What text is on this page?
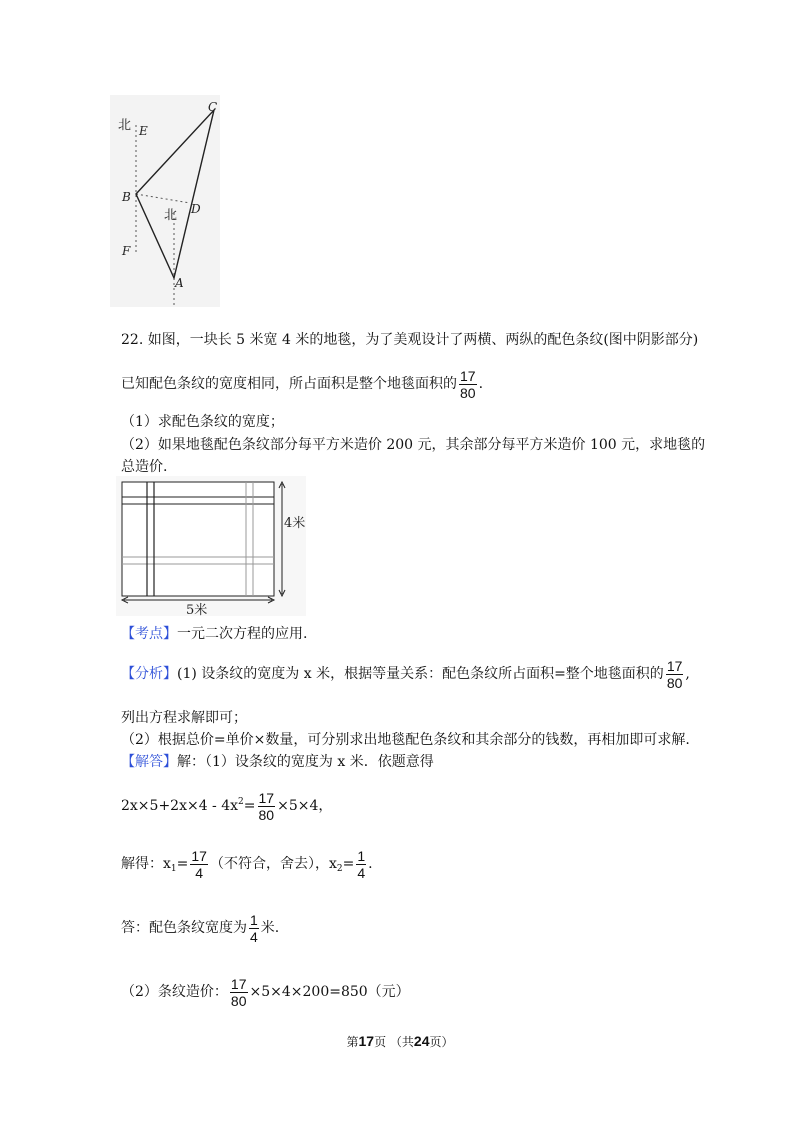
北 E
C
B
北 D
F
A
22. 如图，一块长 5 米宽 4 米的地毯，为了美观设计了两横、两纵的配色条纹(图中阴影部分)
已知配色条纹的宽度相同，所占面积是整个地毯面积的 $\frac{17}{80}$ .
（1）求配色条纹的宽度；
（2）如果地毯配色条纹部分每平方米造价 200 元，其余部分每平方米造价 100 元，求地毯的
总造价.
4米
5米
【考点】一元二次方程的应用.
【分析】(1) 设条纹的宽度为 x 米，根据等量关系：配色条纹所占面积=整个地毯面积的 $\frac{17}{80}$ ,
列出方程求解即可；
（2）根据总价=单价×数量，可分别求出地毯配色条纹和其余部分的钱数，再相加即可求解.
【解答】解：（1）设条纹的宽度为 x 米．依题意得
$2x\times 5+2x\times 4 - 4x^2= \frac{17}{80} \times 5\times 4$，
解得：$x_1= \frac{17}{4}$ （不符合，舍去），$x_2= \frac{1}{4}$ .
答：配色条纹宽度为 $\frac{1}{4}$ 米.
（2）条纹造价： $\frac{17}{80} \times 5\times 4\times 200=850$（元）
第17页 （共24页）
